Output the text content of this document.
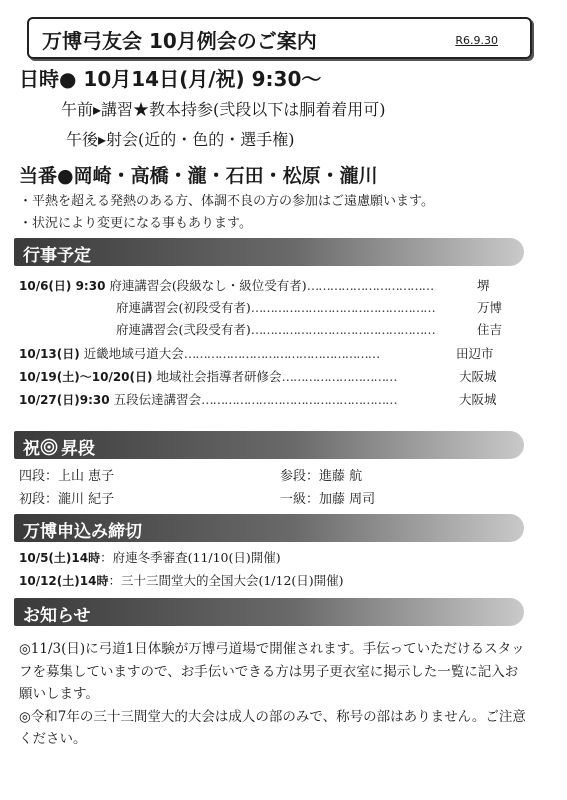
万博弓友会 10月例会のご案内	R6.9.30
日時● 10月14日(月/祝) 9:30〜
午前▸講習★教本持参(弐段以下は胴着着用可)
午後▸射会(近的・色的・選手権)
当番●岡崎・高橋・瀧・石田・松原・瀧川
・平熱を超える発熱のある方、体調不良の方の参加はご遠慮願います。
・状況により変更になる事もあります。
行事予定
10/6(日) 9:30 府連講習会(段級なし・級位受有者)……………………………	堺
府連講習会(初段受有者)…………………………………………	万博
府連講習会(弐段受有者)…………………………………………	住吉
10/13(日) 近畿地域弓道大会……………………………………………	田辺市
10/19(土)〜10/20(日) 地域社会指導者研修会…………………………	大阪城
10/27(日)9:30 五段伝達講習会……………………………………………	大阪城
祝 昇段
四段：上山 恵子	参段：進藤 航
初段：瀧川 紀子	一級：加藤 周司
万博申込み締切
10/5(土)14時：府連冬季審査(11/10(日)開催)
10/12(土)14時：三十三間堂大的全国大会(1/12(日)開催)
お知らせ

◎11/3(日)に弓道1日体験が万博弓道場で開催されます。手伝っていただけるスタッフを募集していますので、お手伝いできる方は男子更衣室に掲示した一覧に記入お願いします。

◎令和7年の三十三間堂大的大会は成人の部のみで、称号の部はありません。ご注意ください。
